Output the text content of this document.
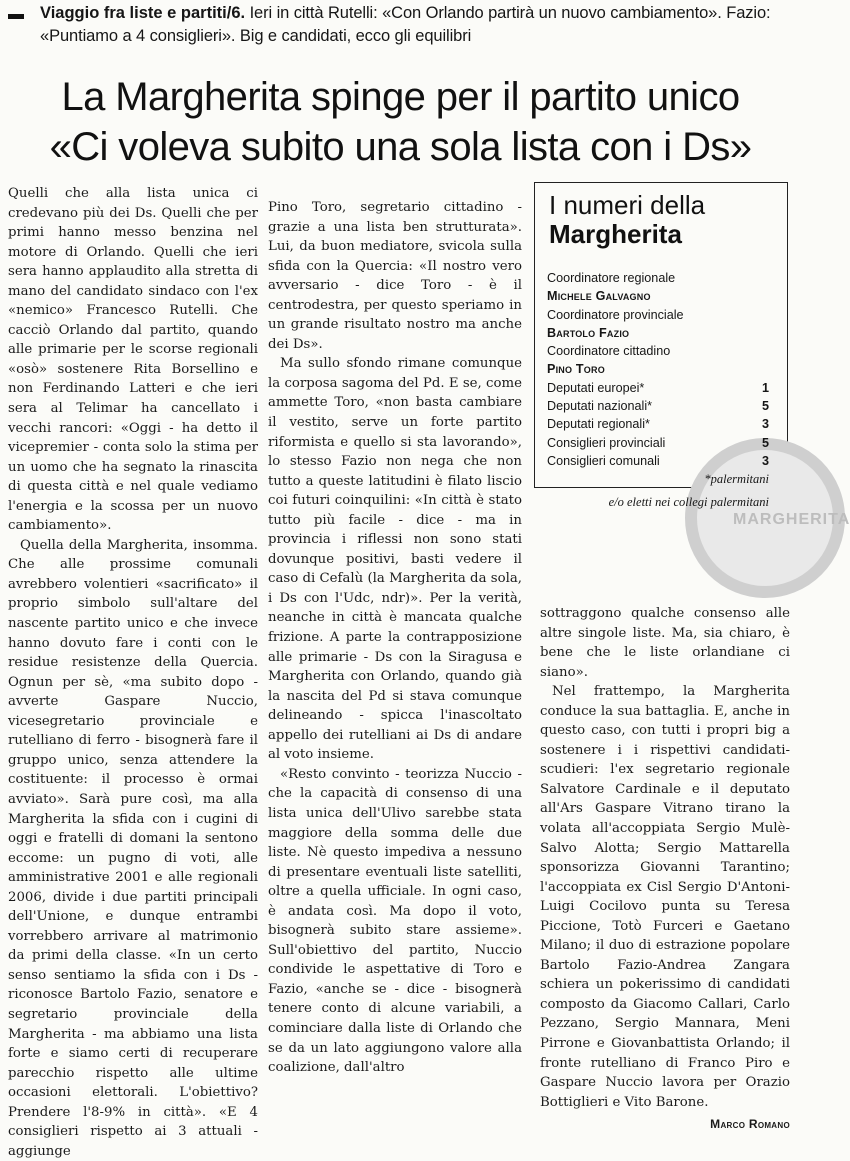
Viaggio fra liste e partiti/6. Ieri in città Rutelli: «Con Orlando partirà un nuovo cambiamento». Fazio: «Puntiamo a 4 consiglieri». Big e candidati, ecco gli equilibri
La Margherita spinge per il partito unico
«Ci voleva subito una sola lista con i Ds»

Quelli che alla lista unica ci credevano più dei Ds. Quelli che per primi hanno messo benzina nel motore di Orlando. Quelli che ieri sera hanno applaudito alla stretta di mano del candidato sindaco con l'ex «nemico» Francesco Rutelli. Che cacciò Orlando dal partito, quando alle primarie per le scorse regionali «osò» sostenere Rita Borsellino e non Ferdinando Latteri e che ieri sera al Telimar ha cancellato i vecchi rancori: «Oggi - ha detto il vicepremier - conta solo la stima per un uomo che ha segnato la rinascita di questa città e nel quale vediamo l'energia e la scossa per un nuovo cambiamento».

Quella della Margherita, insomma. Che alle prossime comunali avrebbero volentieri «sacrificato» il proprio simbolo sull'altare del nascente partito unico e che invece hanno dovuto fare i conti con le residue resistenze della Quercia. Ognun per sè, «ma subito dopo - avverte Gaspare Nuccio, vicesegretario provinciale e rutelliano di ferro - bisognerà fare il gruppo unico, senza attendere la costituente: il processo è ormai avviato». Sarà pure così, ma alla Margherita la sfida con i cugini di oggi e fratelli di domani la sentono eccome: un pugno di voti, alle amministrative 2001 e alle regionali 2006, divide i due partiti principali dell'Unione, e dunque entrambi vorrebbero arrivare al matrimonio da primi della classe. «In un certo senso sentiamo la sfida con i Ds - riconosce Bartolo Fazio, senatore e segretario provinciale della Margherita - ma abbiamo una lista forte e siamo certi di recuperare parecchio rispetto alle ultime occasioni elettorali. L'obiettivo? Prendere l'8-9% in città». «E 4 consiglieri rispetto ai 3 attuali - aggiunge

Pino Toro, segretario cittadino - grazie a una lista ben strutturata». Lui, da buon mediatore, svicola sulla sfida con la Quercia: «Il nostro vero avversario - dice Toro - è il centrodestra, per questo speriamo in un grande risultato nostro ma anche dei Ds».

Ma sullo sfondo rimane comunque la corposa sagoma del Pd. E se, come ammette Toro, «non basta cambiare il vestito, serve un forte partito riformista e quello si sta lavorando», lo stesso Fazio non nega che non tutto a queste latitudini è filato liscio coi futuri coinquilini: «In città è stato tutto più facile - dice - ma in provincia i riflessi non sono stati dovunque positivi, basti vedere il caso di Cefalù (la Margherita da sola, i Ds con l'Udc, ndr)». Per la verità, neanche in città è mancata qualche frizione. A parte la contrapposizione alle primarie - Ds con la Siragusa e Margherita con Orlando, quando già la nascita del Pd si stava comunque delineando - spicca l'inascoltato appello dei rutelliani ai Ds di andare al voto insieme.

«Resto convinto - teorizza Nuccio - che la capacità di consenso di una lista unica dell'Ulivo sarebbe stata maggiore della somma delle due liste. Nè questo impediva a nessuno di presentare eventuali liste satelliti, oltre a quella ufficiale. In ogni caso, è andata così. Ma dopo il voto, bisognerà subito stare assieme». Sull'obiettivo del partito, Nuccio condivide le aspettative di Toro e Fazio, «anche se - dice - bisognerà tenere conto di alcune variabili, a cominciare dalla liste di Orlando che se da un lato aggiungono valore alla coalizione, dall'altro

MARGHERITA
I numeri della
Margherita
Coordinatore regionale
Michele Galvagno
Coordinatore provinciale
Bartolo Fazio
Coordinatore cittadino
Pino Toro
Deputati europei*	1
Deputati nazionali*	5
Deputati regionali*	3
Consiglieri provinciali	5
Consiglieri comunali	3
*palermitani
e/o eletti nei collegi palermitani

sottraggono qualche consenso alle altre singole liste. Ma, sia chiaro, è bene che le liste orlandiane ci siano».

Nel frattempo, la Margherita conduce la sua battaglia. E, anche in questo caso, con tutti i propri big a sostenere i i rispettivi candidati-scudieri: l'ex segretario regionale Salvatore Cardinale e il deputato all'Ars Gaspare Vitrano tirano la volata all'accoppiata Sergio Mulè-Salvo Alotta; Sergio Mattarella sponsorizza Giovanni Tarantino; l'accoppiata ex Cisl Sergio D'Antoni-Luigi Cocilovo punta su Teresa Piccione, Totò Furceri e Gaetano Milano; il duo di estrazione popolare Bartolo Fazio-Andrea Zangara schiera un pokerissimo di candidati composto da Giacomo Callari, Carlo Pezzano, Sergio Mannara, Meni Pirrone e Giovanbattista Orlando; il fronte rutelliano di Franco Piro e Gaspare Nuccio lavora per Orazio Bottiglieri e Vito Barone.

Marco Romano
